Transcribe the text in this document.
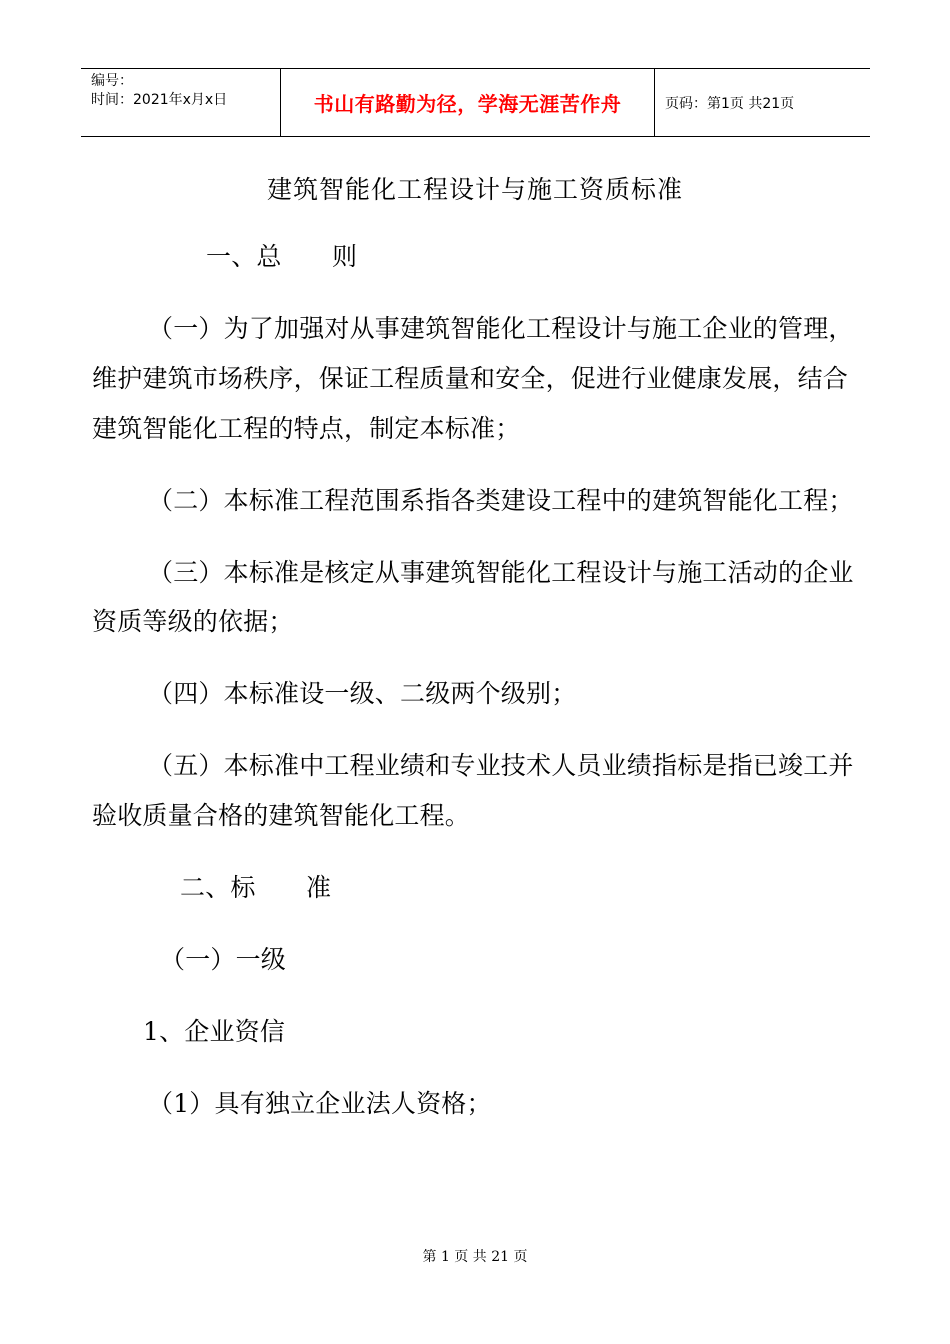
编号：
时间：2021年x月x日	书山有路勤为径，学海无涯苦作舟	页码：第1页 共21页
建筑智能化工程设计与施工资质标准
一、总　　则
（一）为了加强对从事建筑智能化工程设计与施工企业的管理，
维护建筑市场秩序，保证工程质量和安全，促进行业健康发展，结合
建筑智能化工程的特点，制定本标准；
（二）本标准工程范围系指各类建设工程中的建筑智能化工程；
（三）本标准是核定从事建筑智能化工程设计与施工活动的企业
资质等级的依据；
（四）本标准设一级、二级两个级别；
（五）本标准中工程业绩和专业技术人员业绩指标是指已竣工并
验收质量合格的建筑智能化工程。
二、标　　准
（一）一级
1、企业资信
（1）具有独立企业法人资格；
第 1 页 共 21 页
